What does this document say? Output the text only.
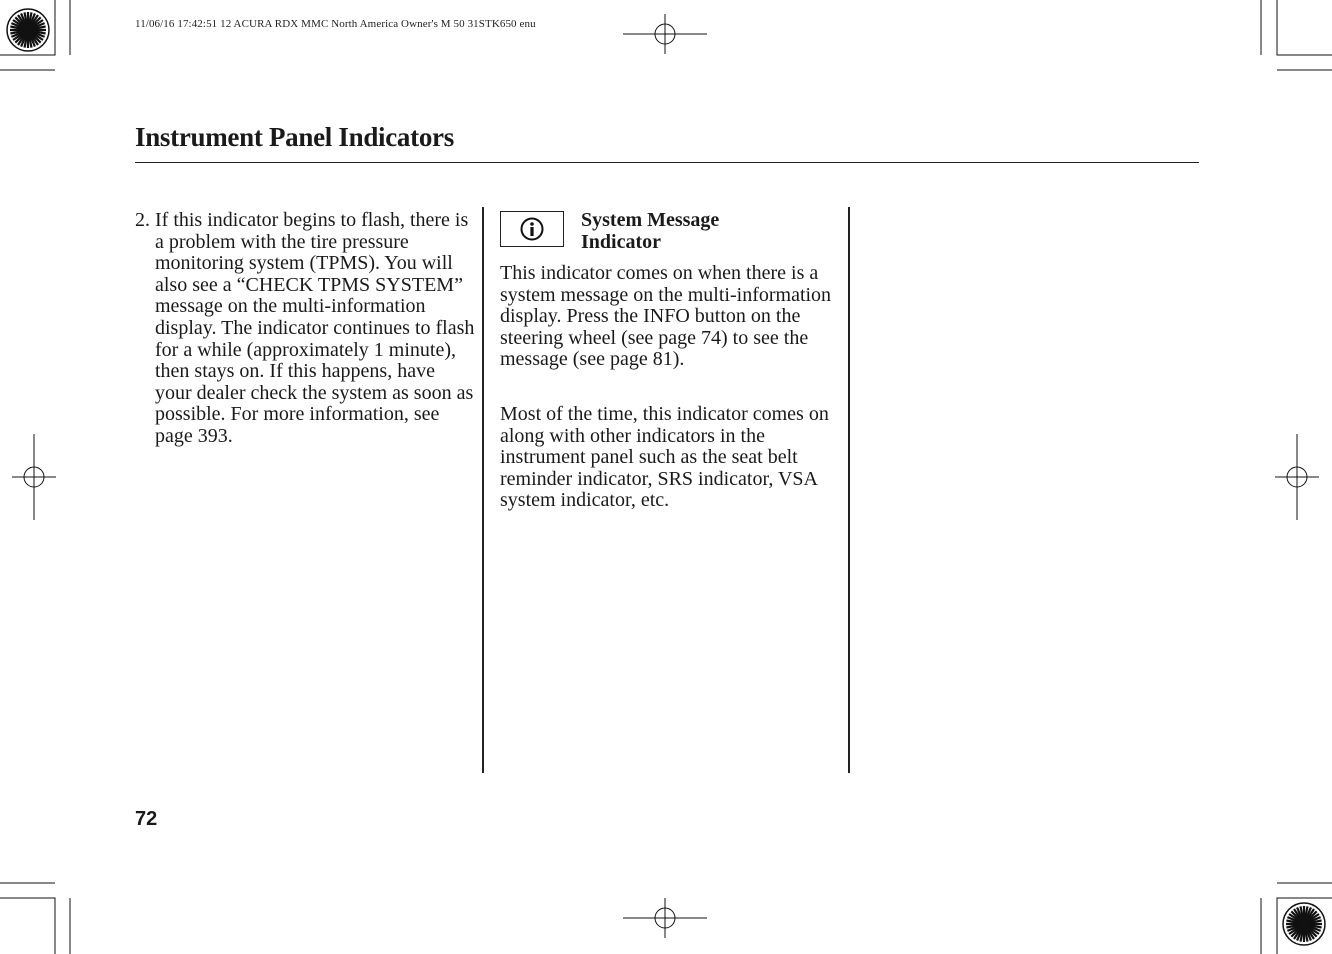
11/06/16 17:42:51 12 ACURA RDX MMC North America Owner's M 50 31STK650 enu
Instrument Panel Indicators
2. If this indicator begins to flash, there is a problem with the tire pressure monitoring system (TPMS). You will also see a “CHECK TPMS SYSTEM” message on the multi-information display. The indicator continues to flash for a while (approximately 1 minute), then stays on. If this happens, have your dealer check the system as soon as possible. For more information, see page 393.
System Message Indicator

This indicator comes on when there is a system message on the multi-information display. Press the INFO button on the steering wheel (see page 74) to see the message (see page 81).

Most of the time, this indicator comes on along with other indicators in the instrument panel such as the seat belt reminder indicator, SRS indicator, VSA system indicator, etc.

72
